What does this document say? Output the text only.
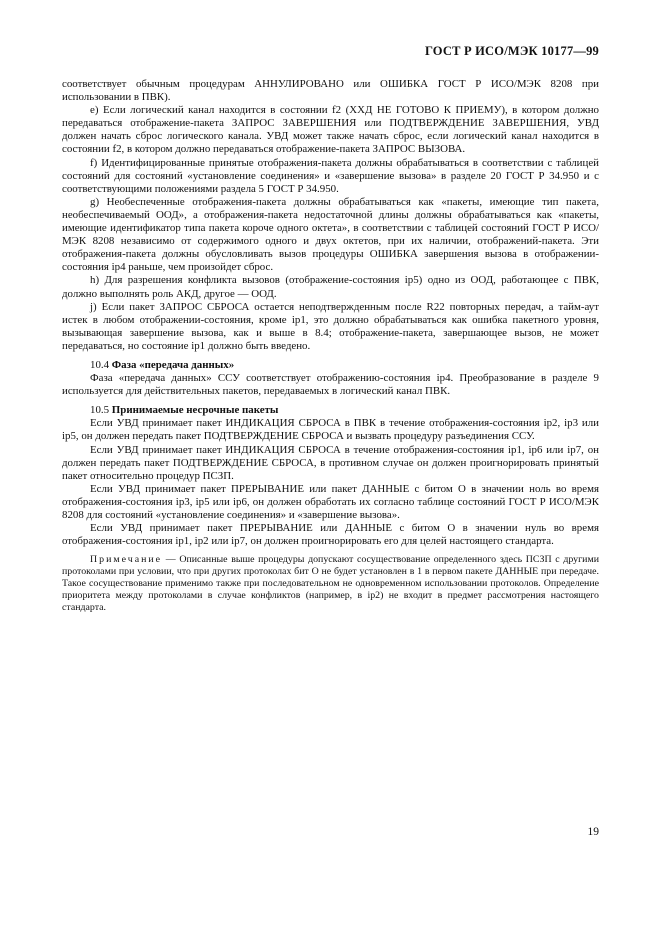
ГОСТ Р ИСО/МЭК 10177—99

соответствует обычным процедурам АННУЛИРОВАНО или ОШИБКА ГОСТ Р ИСО/МЭК 8208 при использовании в ПВК).

е) Если логический канал находится в состоянии f2 (ХХД НЕ ГОТОВО К ПРИЕМУ), в котором должно передаваться отображение-пакета ЗАПРОС ЗАВЕРШЕНИЯ или ПОДТВЕРЖДЕНИЕ ЗАВЕРШЕНИЯ, УВД должен начать сброс логического канала. УВД может также начать сброс, если логический канал находится в состоянии f2, в котором должно передаваться отображение-пакета ЗАПРОС ВЫЗОВА.

f) Идентифицированные принятые отображения-пакета должны обрабатываться в соответствии с таблицей состояний для состояний «установление соединения» и «завершение вызова» в разделе 20 ГОСТ Р 34.950 и с соответствующими положениями раздела 5 ГОСТ Р 34.950.

g) Необеспеченные отображения-пакета должны обрабатываться как «пакеты, имеющие тип пакета, необеспечиваемый ООД», а отображения-пакета недостаточной длины должны обрабатываться как «пакеты, имеющие идентификатор типа пакета короче одного октета», в соответствии с таблицей состояний ГОСТ Р ИСО/МЭК 8208 независимо от содержимого одного и двух октетов, при их наличии, отображений-пакета. Эти отображения-пакета должны обусловливать вызов процедуры ОШИБКА завершения вызова в отображении-состояния ip4 раньше, чем произойдет сброс.

h) Для разрешения конфликта вызовов (отображение-состояния ip5) одно из ООД, работающее с ПВК, должно выполнять роль АКД, другое — ООД.

j) Если пакет ЗАПРОС СБРОСА остается неподтвержденным после R22 повторных передач, а тайм-аут истек в любом отображении-состояния, кроме ip1, это должно обрабатываться как ошибка пакетного уровня, вызывающая завершение вызова, как и выше в 8.4; отображение-пакета, завершающее вызов, не может передаваться, но состояние ip1 должно быть введено.

10.4 Фаза «передача данных»

Фаза «передача данных» ССУ соответствует отображению-состояния ip4. Преобразование в разделе 9 используется для действительных пакетов, передаваемых в логический канал ПВК.

10.5 Принимаемые несрочные пакеты

Если УВД принимает пакет ИНДИКАЦИЯ СБРОСА в ПВК в течение отображения-состояния ip2, ip3 или ip5, он должен передать пакет ПОДТВЕРЖДЕНИЕ СБРОСА и вызвать процедуру разъединения ССУ.

Если УВД принимает пакет ИНДИКАЦИЯ СБРОСА в течение отображения-состояния ip1, ip6 или ip7, он должен передать пакет ПОДТВЕРЖДЕНИЕ СБРОСА, в противном случае он должен проигнорировать принятый пакет относительно процедур ПСЗП.

Если УВД принимает пакет ПРЕРЫВАНИЕ или пакет ДАННЫЕ с битом О в значении ноль во время отображения-состояния ip3, ip5 или ip6, он должен обработать их согласно таблице состояний ГОСТ Р ИСО/МЭК 8208 для состояний «установление соединения» и «завершение вызова».

Если УВД принимает пакет ПРЕРЫВАНИЕ или ДАННЫЕ с битом О в значении нуль во время отображения-состояния ip1, ip2 или ip7, он должен проигнорировать его для целей настоящего стандарта.

Примечание — Описанные выше процедуры допускают сосуществование определенного здесь ПСЗП с другими протоколами при условии, что при других протоколах бит О не будет установлен в 1 в первом пакете ДАННЫЕ при передаче. Такое сосуществование применимо также при последовательном не одновременном использовании протоколов. Определение приоритета между протоколами в случае конфликтов (например, в ip2) не входит в предмет рассмотрения настоящего стандарта.

19
